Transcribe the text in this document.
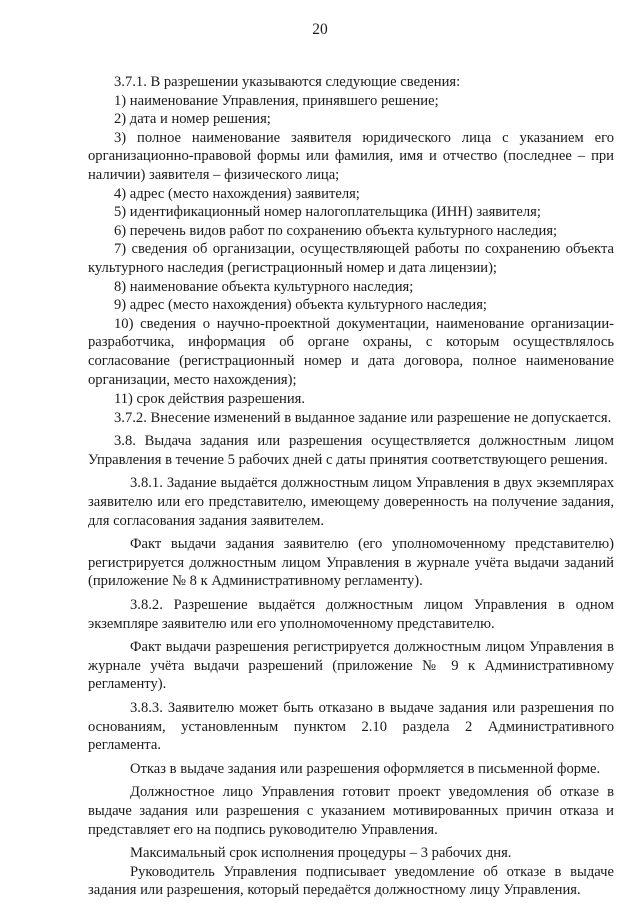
20

3.7.1. В разрешении указываются следующие сведения:

1) наименование Управления, принявшего решение;

2) дата и номер решения;

3) полное наименование заявителя юридического лица с указанием его организационно-правовой формы или фамилия, имя и отчество (последнее – при наличии) заявителя – физического лица;

4) адрес (место нахождения) заявителя;

5) идентификационный номер налогоплательщика (ИНН) заявителя;

6) перечень видов работ по сохранению объекта культурного наследия;

7) сведения об организации, осуществляющей работы по сохранению объекта культурного наследия (регистрационный номер и дата лицензии);

8) наименование объекта культурного наследия;

9) адрес (место нахождения) объекта культурного наследия;

10) сведения о научно-проектной документации, наименование организации-разработчика, информация об органе охраны, с которым осуществлялось согласование (регистрационный номер и дата договора, полное наименование организации, место нахождения);

11) срок действия разрешения.

3.7.2. Внесение изменений в выданное задание или разрешение не допускается.

3.8. Выдача задания или разрешения осуществляется должностным лицом Управления в течение 5 рабочих дней с даты принятия соответствующего решения.

3.8.1. Задание выдаётся должностным лицом Управления в двух экземплярах заявителю или его представителю, имеющему доверенность на получение задания, для согласования задания заявителем.

Факт выдачи задания заявителю (его уполномоченному представителю) регистрируется должностным лицом Управления в журнале учёта выдачи заданий (приложение № 8 к Административному регламенту).

3.8.2. Разрешение выдаётся должностным лицом Управления в одном экземпляре заявителю или его уполномоченному представителю.

Факт выдачи разрешения регистрируется должностным лицом Управления в журнале учёта выдачи разрешений (приложение № 9 к Административному регламенту).

3.8.3. Заявителю может быть отказано в выдаче задания или разрешения по основаниям, установленным пунктом 2.10 раздела 2 Административного регламента.

Отказ в выдаче задания или разрешения оформляется в письменной форме.

Должностное лицо Управления готовит проект уведомления об отказе в выдаче задания или разрешения с указанием мотивированных причин отказа и представляет его на подпись руководителю Управления.

Максимальный срок исполнения процедуры – 3 рабочих дня.

Руководитель Управления подписывает уведомление об отказе в выдаче задания или разрешения, который передаётся должностному лицу Управления.
